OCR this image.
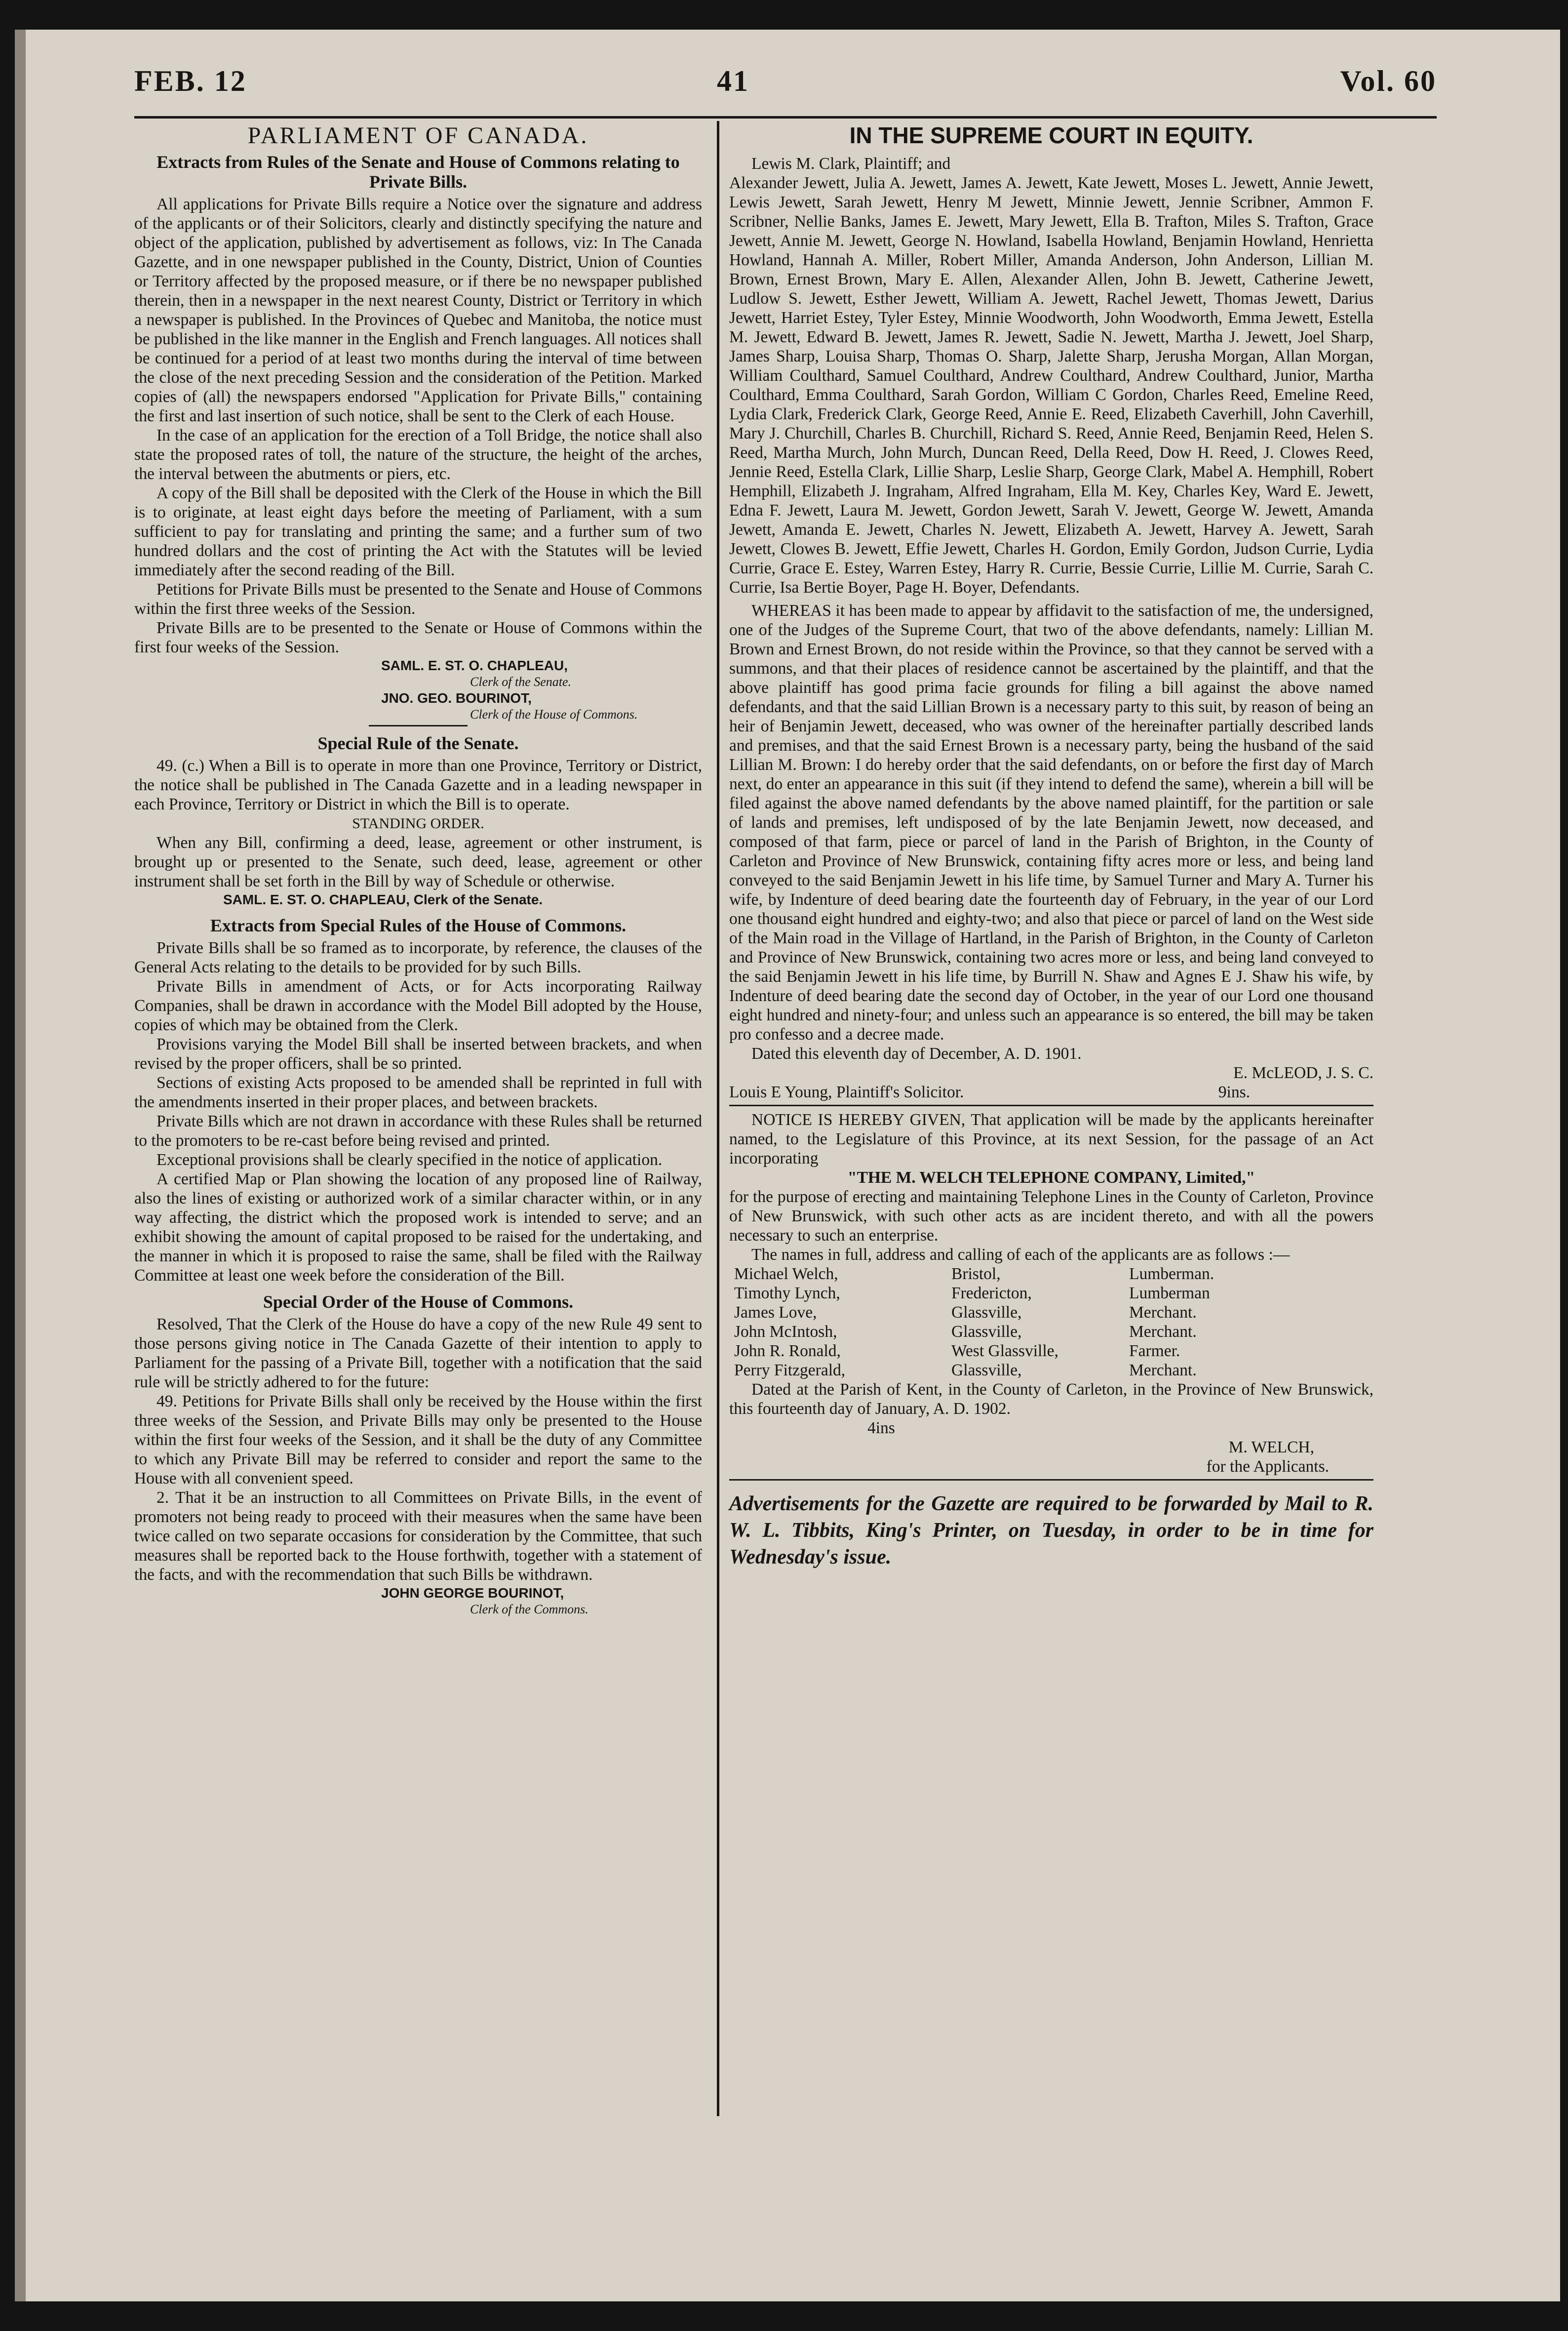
FEB. 12	41	Vol. 60
PARLIAMENT OF CANADA.
Extracts from Rules of the Senate and House of Commons relating to Private Bills.

All applications for Private Bills require a Notice over the signature and address of the applicants or of their Solicitors, clearly and distinctly specifying the nature and object of the application, published by advertisement as follows, viz: In The Canada Gazette, and in one newspaper published in the County, District, Union of Counties or Territory affected by the proposed measure, or if there be no newspaper published therein, then in a newspaper in the next nearest County, District or Territory in which a newspaper is published. In the Provinces of Quebec and Manitoba, the notice must be published in the like manner in the English and French languages. All notices shall be continued for a period of at least two months during the interval of time between the close of the next preceding Session and the consideration of the Petition. Marked copies of (all) the newspapers endorsed "Application for Private Bills," containing the first and last insertion of such notice, shall be sent to the Clerk of each House.

In the case of an application for the erection of a Toll Bridge, the notice shall also state the proposed rates of toll, the nature of the structure, the height of the arches, the interval between the abutments or piers, etc.

A copy of the Bill shall be deposited with the Clerk of the House in which the Bill is to originate, at least eight days before the meeting of Parliament, with a sum sufficient to pay for translating and printing the same; and a further sum of two hundred dollars and the cost of printing the Act with the Statutes will be levied immediately after the second reading of the Bill.

Petitions for Private Bills must be presented to the Senate and House of Commons within the first three weeks of the Session.

Private Bills are to be presented to the Senate or House of Commons within the first four weeks of the Session.

SAML. E. ST. O. CHAPLEAU,
Clerk of the Senate.
JNO. GEO. BOURINOT,
Clerk of the House of Commons.
Special Rule of the Senate.

49. (c.) When a Bill is to operate in more than one Province, Territory or District, the notice shall be published in The Canada Gazette and in a leading newspaper in each Province, Territory or District in which the Bill is to operate.

STANDING ORDER.

When any Bill, confirming a deed, lease, agreement or other instrument, is brought up or presented to the Senate, such deed, lease, agreement or other instrument shall be set forth in the Bill by way of Schedule or otherwise.

SAML. E. ST. O. CHAPLEAU, Clerk of the Senate.
Extracts from Special Rules of the House of Commons.

Private Bills shall be so framed as to incorporate, by reference, the clauses of the General Acts relating to the details to be provided for by such Bills.

Private Bills in amendment of Acts, or for Acts incorporating Railway Companies, shall be drawn in accordance with the Model Bill adopted by the House, copies of which may be obtained from the Clerk.

Provisions varying the Model Bill shall be inserted between brackets, and when revised by the proper officers, shall be so printed.

Sections of existing Acts proposed to be amended shall be reprinted in full with the amendments inserted in their proper places, and between brackets.

Private Bills which are not drawn in accordance with these Rules shall be returned to the promoters to be re-cast before being revised and printed.

Exceptional provisions shall be clearly specified in the notice of application.

A certified Map or Plan showing the location of any proposed line of Railway, also the lines of existing or authorized work of a similar character within, or in any way affecting, the district which the proposed work is intended to serve; and an exhibit showing the amount of capital proposed to be raised for the undertaking, and the manner in which it is proposed to raise the same, shall be filed with the Railway Committee at least one week before the consideration of the Bill.

Special Order of the House of Commons.

Resolved, That the Clerk of the House do have a copy of the new Rule 49 sent to those persons giving notice in The Canada Gazette of their intention to apply to Parliament for the passing of a Private Bill, together with a notification that the said rule will be strictly adhered to for the future:

49. Petitions for Private Bills shall only be received by the House within the first three weeks of the Session, and Private Bills may only be presented to the House within the first four weeks of the Session, and it shall be the duty of any Committee to which any Private Bill may be referred to consider and report the same to the House with all convenient speed.

2. That it be an instruction to all Committees on Private Bills, in the event of promoters not being ready to proceed with their measures when the same have been twice called on two separate occasions for consideration by the Committee, that such measures shall be reported back to the House forthwith, together with a statement of the facts, and with the recommendation that such Bills be withdrawn.

JOHN GEORGE BOURINOT,
Clerk of the Commons.
IN THE SUPREME COURT IN EQUITY.

Lewis M. Clark, Plaintiff; and

Alexander Jewett, Julia A. Jewett, James A. Jewett, Kate Jewett, Moses L. Jewett, Annie Jewett, Lewis Jewett, Sarah Jewett, Henry M Jewett, Minnie Jewett, Jennie Scribner, Ammon F. Scribner, Nellie Banks, James E. Jewett, Mary Jewett, Ella B. Trafton, Miles S. Trafton, Grace Jewett, Annie M. Jewett, George N. Howland, Isabella Howland, Benjamin Howland, Henrietta Howland, Hannah A. Miller, Robert Miller, Amanda Anderson, John Anderson, Lillian M. Brown, Ernest Brown, Mary E. Allen, Alexander Allen, John B. Jewett, Catherine Jewett, Ludlow S. Jewett, Esther Jewett, William A. Jewett, Rachel Jewett, Thomas Jewett, Darius Jewett, Harriet Estey, Tyler Estey, Minnie Woodworth, John Woodworth, Emma Jewett, Estella M. Jewett, Edward B. Jewett, James R. Jewett, Sadie N. Jewett, Martha J. Jewett, Joel Sharp, James Sharp, Louisa Sharp, Thomas O. Sharp, Jalette Sharp, Jerusha Morgan, Allan Morgan, William Coulthard, Samuel Coulthard, Andrew Coulthard, Andrew Coulthard, Junior, Martha Coulthard, Emma Coulthard, Sarah Gordon, William C Gordon, Charles Reed, Emeline Reed, Lydia Clark, Frederick Clark, George Reed, Annie E. Reed, Elizabeth Caverhill, John Caverhill, Mary J. Churchill, Charles B. Churchill, Richard S. Reed, Annie Reed, Benjamin Reed, Helen S. Reed, Martha Murch, John Murch, Duncan Reed, Della Reed, Dow H. Reed, J. Clowes Reed, Jennie Reed, Estella Clark, Lillie Sharp, Leslie Sharp, George Clark, Mabel A. Hemphill, Robert Hemphill, Elizabeth J. Ingraham, Alfred Ingraham, Ella M. Key, Charles Key, Ward E. Jewett, Edna F. Jewett, Laura M. Jewett, Gordon Jewett, Sarah V. Jewett, George W. Jewett, Amanda Jewett, Amanda E. Jewett, Charles N. Jewett, Elizabeth A. Jewett, Harvey A. Jewett, Sarah Jewett, Clowes B. Jewett, Effie Jewett, Charles H. Gordon, Emily Gordon, Judson Currie, Lydia Currie, Grace E. Estey, Warren Estey, Harry R. Currie, Bessie Currie, Lillie M. Currie, Sarah C. Currie, Isa Bertie Boyer, Page H. Boyer, Defendants.

WHEREAS it has been made to appear by affidavit to the satisfaction of me, the undersigned, one of the Judges of the Supreme Court, that two of the above defendants, namely: Lillian M. Brown and Ernest Brown, do not reside within the Province, so that they cannot be served with a summons, and that their places of residence cannot be ascertained by the plaintiff, and that the above plaintiff has good prima facie grounds for filing a bill against the above named defendants, and that the said Lillian Brown is a necessary party to this suit, by reason of being an heir of Benjamin Jewett, deceased, who was owner of the hereinafter partially described lands and premises, and that the said Ernest Brown is a necessary party, being the husband of the said Lillian M. Brown: I do hereby order that the said defendants, on or before the first day of March next, do enter an appearance in this suit (if they intend to defend the same), wherein a bill will be filed against the above named defendants by the above named plaintiff, for the partition or sale of lands and premises, left undisposed of by the late Benjamin Jewett, now deceased, and composed of that farm, piece or parcel of land in the Parish of Brighton, in the County of Carleton and Province of New Brunswick, containing fifty acres more or less, and being land conveyed to the said Benjamin Jewett in his life time, by Samuel Turner and Mary A. Turner his wife, by Indenture of deed bearing date the fourteenth day of February, in the year of our Lord one thousand eight hundred and eighty-two; and also that piece or parcel of land on the West side of the Main road in the Village of Hartland, in the Parish of Brighton, in the County of Carleton and Province of New Brunswick, containing two acres more or less, and being land conveyed to the said Benjamin Jewett in his life time, by Burrill N. Shaw and Agnes E J. Shaw his wife, by Indenture of deed bearing date the second day of October, in the year of our Lord one thousand eight hundred and ninety-four; and unless such an appearance is so entered, the bill may be taken pro confesso and a decree made.

Dated this eleventh day of December, A. D. 1901.

E. McLEOD, J. S. C.
Louis E Young, Plaintiff's Solicitor.	9ins.

NOTICE IS HEREBY GIVEN, That application will be made by the applicants hereinafter named, to the Legislature of this Province, at its next Session, for the passage of an Act incorporating

"THE M. WELCH TELEPHONE COMPANY, Limited,"

for the purpose of erecting and maintaining Telephone Lines in the County of Carleton, Province of New Brunswick, with such other acts as are incident thereto, and with all the powers necessary to such an enterprise.

The names in full, address and calling of each of the applicants are as follows :—

Michael Welch,	Bristol,	Lumberman.
Timothy Lynch,	Fredericton,	Lumberman
James Love,	Glassville,	Merchant.
John McIntosh,	Glassville,	Merchant.
John R. Ronald,	West Glassville,	Farmer.
Perry Fitzgerald,	Glassville,	Merchant.

Dated at the Parish of Kent, in the County of Carleton, in the Province of New Brunswick, this fourteenth day of January, A. D. 1902.

4ins
M. WELCH,
for the Applicants.
Advertisements for the Gazette are required to be forwarded by Mail to R. W. L. Tibbits, King's Printer, on Tuesday, in order to be in time for Wednesday's issue.
